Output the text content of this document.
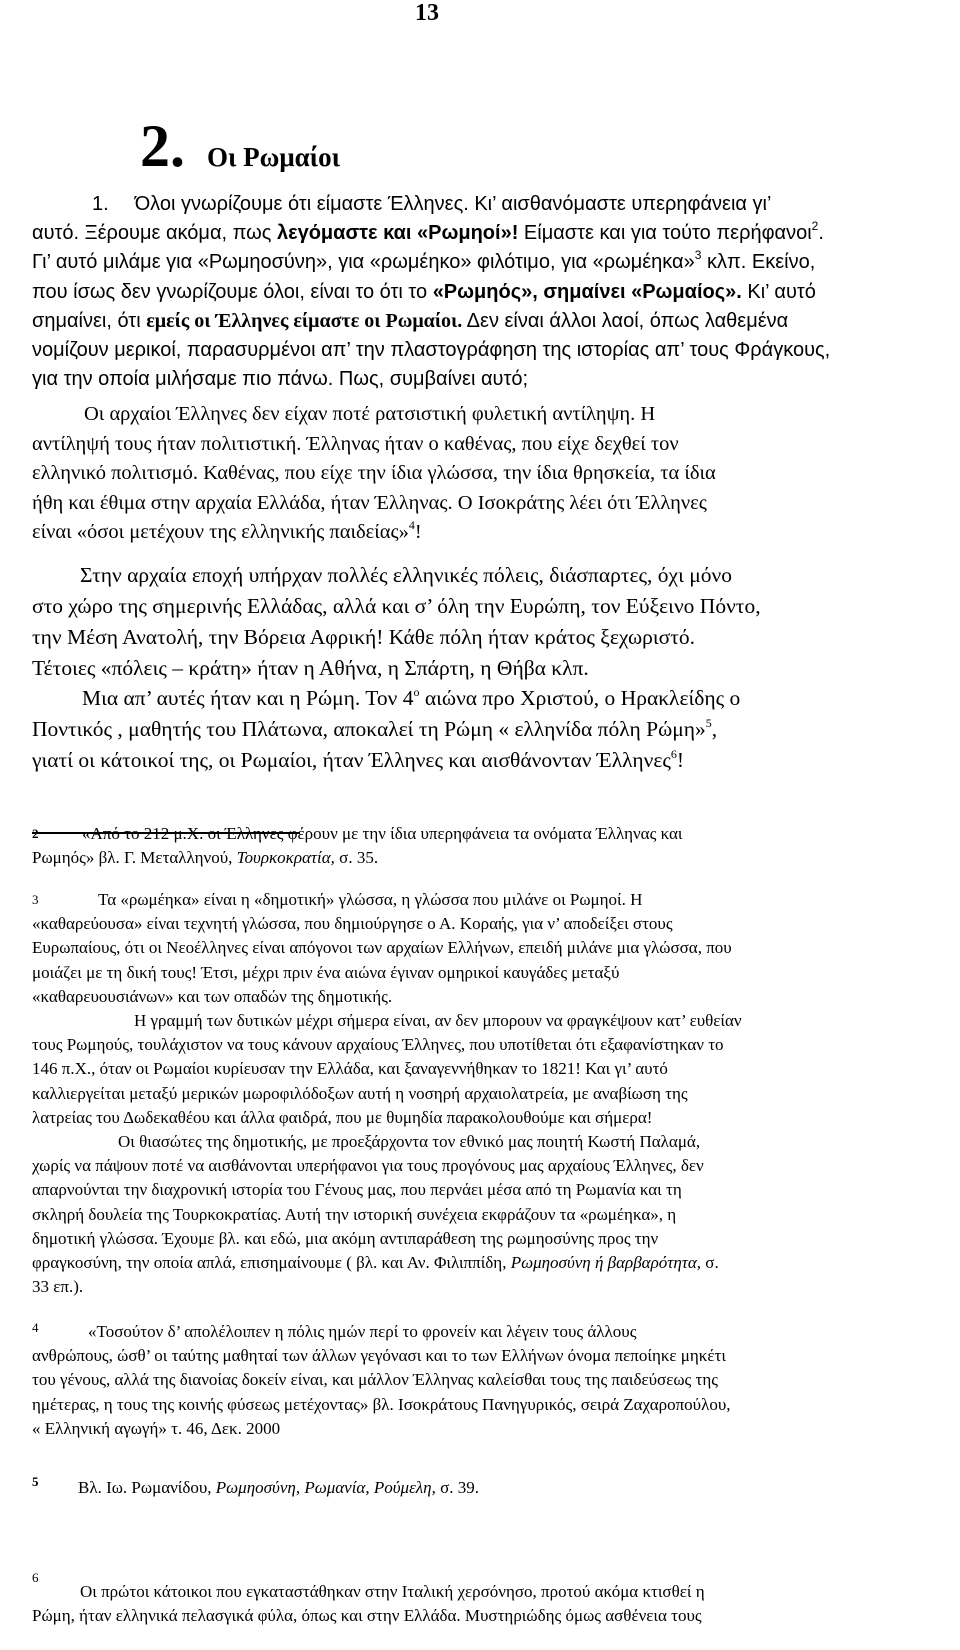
13
2 . Οι Ρωμαίοι
1. Όλοι γνωρίζουμε ότι είμαστε Έλληνες. Κι’ αισθανόμαστε υπερηφάνεια γι’
αυτό. Ξέρουμε ακόμα, πως λεγόμαστε και «Ρωμηοί»! Είμαστε και για τούτο περήφανοι$^2$.
Γι’ αυτό μιλάμε για «Ρωμηοσύνη», για «ρωμέηκο» φιλότιμο, για «ρωμέηκα»$^3$ κλπ. Εκείνο,
που ίσως δεν γνωρίζουμε όλοι, είναι το ότι το «Ρωμηός», σημαίνει «Ρωμαίος». Κι’ αυτό
σημαίνει, ότι εμείς οι Έλληνες είμαστε οι Ρωμαίοι. Δεν είναι άλλοι λαοί, όπως λαθεμένα
νομίζουν μερικοί, παρασυρμένοι απ’ την πλαστογράφηση της ιστορίας απ’ τους Φράγκους,
για την οποία μιλήσαμε πιο πάνω. Πως, συμβαίνει αυτό;
Οι αρχαίοι Έλληνες δεν είχαν ποτέ ρατσιστική φυλετική αντίληψη. Η
αντίληψή τους ήταν πολιτιστική. Έλληνας ήταν ο καθένας, που είχε δεχθεί τον
ελληνικό πολιτισμό. Καθένας, που είχε την ίδια γλώσσα, την ίδια θρησκεία, τα ίδια
ήθη και έθιμα στην αρχαία Ελλάδα, ήταν Έλληνας. Ο Ισοκράτης λέει ότι Έλληνες
είναι «όσοι μετέχουν της ελληνικής παιδείας»$^4$!
Στην αρχαία εποχή υπήρχαν πολλές ελληνικές πόλεις, διάσπαρτες, όχι μόνο
στο χώρο της σημερινής Ελλάδας, αλλά και σ’ όλη την Ευρώπη, τον Εύξεινο Πόντο,
την Μέση Ανατολή, την Βόρεια Αφρική! Κάθε πόλη ήταν κράτος ξεχωριστό.
Τέτοιες «πόλεις – κράτη» ήταν η Αθήνα, η Σπάρτη, η Θήβα κλπ.
Μια απ’ αυτές ήταν και η Ρώμη. Τον $4^o$ αιώνα προ Χριστού, ο Ηρακλείδης ο
Ποντικός , μαθητής του Πλάτωνα, αποκαλεί τη Ρώμη « ελληνίδα πόλη Ρώμη»$^5$,
γιατί οι κάτοικοί της, οι Ρωμαίοι, ήταν Έλληνες και αισθάνονταν Έλληνες$^6$!
2	«Από το 212 μ.Χ. οι Έλληνες φέρουν με την ίδια υπερηφάνεια τα ονόματα Έλληνας και
Ρωμηός» βλ. Γ. Μεταλληνού, Τουρκοκρατία, σ. 35.
3	Τα «ρωμέηκα» είναι η «δημοτική» γλώσσα, η γλώσσα που μιλάνε οι Ρωμηοί. Η
«καθαρεύουσα» είναι τεχνητή γλώσσα, που δημιούργησε ο Α. Κοραής, για ν’ αποδείξει στους
Ευρωπαίους, ότι οι Νεοέλληνες είναι απόγονοι των αρχαίων Ελλήνων, επειδή μιλάνε μια γλώσσα, που
μοιάζει με τη δική τους! Έτσι, μέχρι πριν ένα αιώνα έγιναν ομηρικοί καυγάδες μεταξύ
«καθαρευουσιάνων» και των οπαδών της δημοτικής.
Η γραμμή των δυτικών μέχρι σήμερα είναι, αν δεν μπορουν να φραγκέψουν κατ’ ευθείαν
τους Ρωμηούς, τουλάχιστον να τους κάνουν αρχαίους Έλληνες, που υποτίθεται ότι εξαφανίστηκαν το
146 π.Χ., όταν οι Ρωμαίοι κυρίευσαν την Ελλάδα, και ξαναγεννήθηκαν το 1821! Και γι’ αυτό
καλλιεργείται μεταξύ μερικών μωροφιλόδοξων αυτή η νοσηρή αρχαιολατρεία, με αναβίωση της
λατρείας του Δωδεκαθέου και άλλα φαιδρά, που με θυμηδία παρακολουθούμε και σήμερα!
Οι θιασώτες της δημοτικής, με προεξάρχοντα τον εθνικό μας ποιητή Κωστή Παλαμά,
χωρίς να πάψουν ποτέ να αισθάνονται υπερήφανοι για τους προγόνους μας αρχαίους Έλληνες, δεν
απαρνούνται την διαχρονική ιστορία του Γένους μας, που περνάει μέσα από τη Ρωμανία και τη
σκληρή δουλεία της Τουρκοκρατίας. Αυτή την ιστορική συνέχεια εκφράζουν τα «ρωμέηκα», η
δημοτική γλώσσα. Έχουμε βλ. και εδώ, μια ακόμη αντιπαράθεση της ρωμηοσύνης προς την
φραγκοσύνη, την οποία απλά, επισημαίνουμε ( βλ. και Αν. Φιλιππίδη, Ρωμηοσύνη ή βαρβαρότητα, σ.
33 επ.).
4	«Τοσούτον δ’ απολέλοιπεν η πόλις ημών περί το φρονείν και λέγειν τους άλλους
ανθρώπους, ώσθ’ οι ταύτης μαθηταί των άλλων γεγόνασι και το των Ελλήνων όνομα πεποίηκε μηκέτι
του γένους, αλλά της διανοίας δοκείν είναι, και μάλλον Έλληνας καλείσθαι τους της παιδεύσεως της
ημέτερας, η τους της κοινής φύσεως μετέχοντας» βλ. Ισοκράτους Πανηγυρικός, σειρά Ζαχαροπούλου,
« Ελληνική αγωγή» τ. 46, Δεκ. 2000
5	Βλ. Ιω. Ρωμανίδου, Ρωμηοσύνη, Ρωμανία, Ρούμελη, σ. 39.
6
Οι πρώτοι κάτοικοι που εγκαταστάθηκαν στην Ιταλική χερσόνησο, προτού ακόμα κτισθεί η
Ρώμη, ήταν ελληνικά πελασγικά φύλα, όπως και στην Ελλάδα. Μυστηριώδης όμως ασθένεια τους
